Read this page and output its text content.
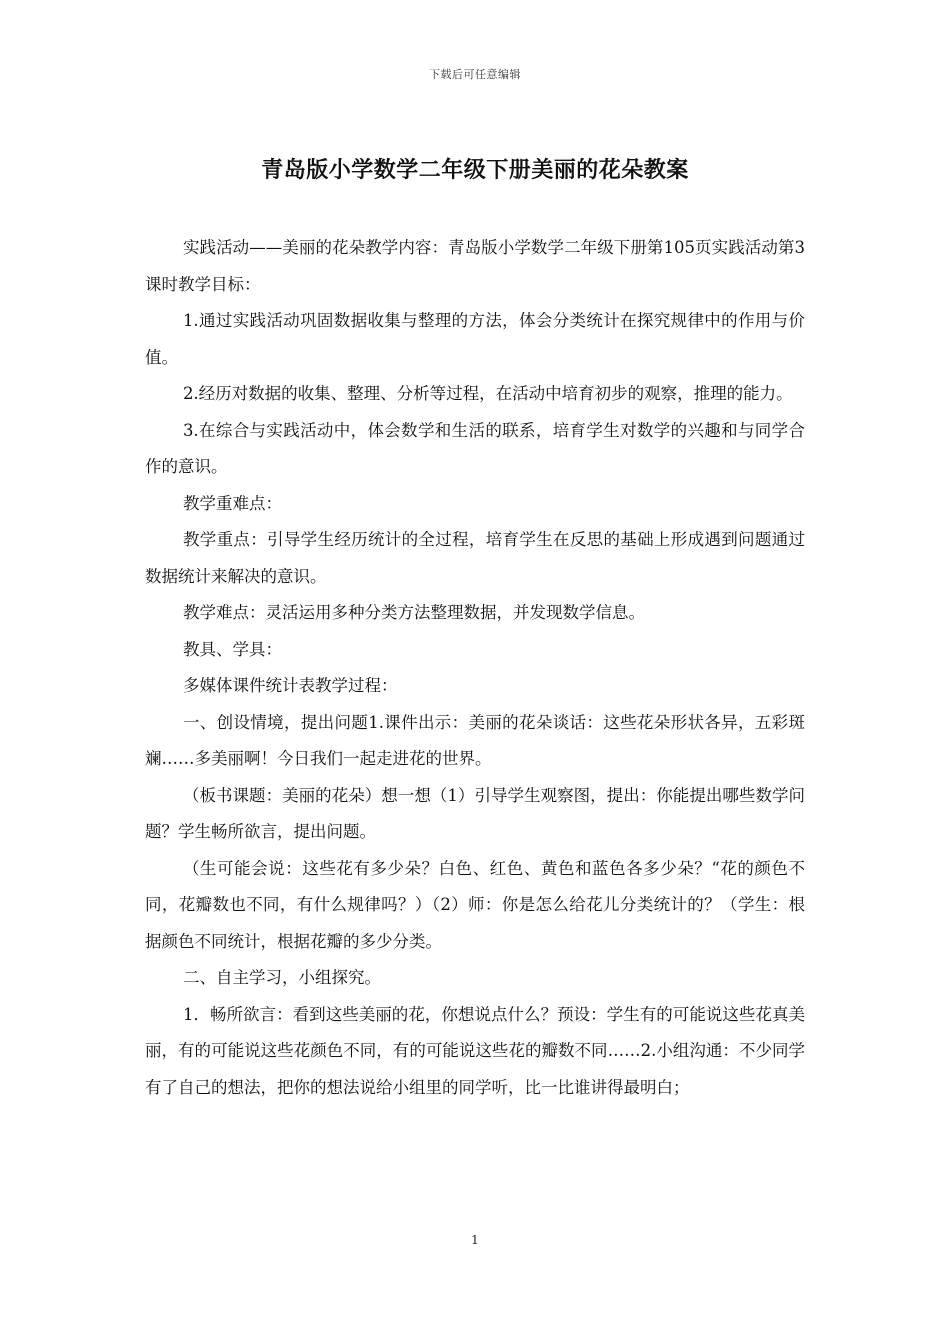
下载后可任意编辑
青岛版小学数学二年级下册美丽的花朵教案

实践活动——美丽的花朵教学内容：青岛版小学数学二年级下册第105页实践活动第3课时教学目标：

1.通过实践活动巩固数据收集与整理的方法，体会分类统计在探究规律中的作用与价值。

2.经历对数据的收集、整理、分析等过程，在活动中培育初步的观察，推理的能力。

3.在综合与实践活动中，体会数学和生活的联系，培育学生对数学的兴趣和与同学合作的意识。

教学重难点：

教学重点：引导学生经历统计的全过程，培育学生在反思的基础上形成遇到问题通过数据统计来解决的意识。

教学难点：灵活运用多种分类方法整理数据，并发现数学信息。

教具、学具：

多媒体课件统计表教学过程：

一、创设情境，提出问题1.课件出示：美丽的花朵谈话：这些花朵形状各异，五彩斑斓……多美丽啊！今日我们一起走进花的世界。

（板书课题：美丽的花朵）想一想（1）引导学生观察图，提出：你能提出哪些数学问题？学生畅所欲言，提出问题。

（生可能会说：这些花有多少朵？白色、红色、黄色和蓝色各多少朵？“花的颜色不同，花瓣数也不同，有什么规律吗？）（2）师：你是怎么给花儿分类统计的？（学生：根据颜色不同统计，根据花瓣的多少分类。

二、自主学习，小组探究。

1．畅所欲言：看到这些美丽的花，你想说点什么？预设：学生有的可能说这些花真美丽，有的可能说这些花颜色不同，有的可能说这些花的瓣数不同……2.小组沟通：不少同学有了自己的想法，把你的想法说给小组里的同学听，比一比谁讲得最明白；

1
